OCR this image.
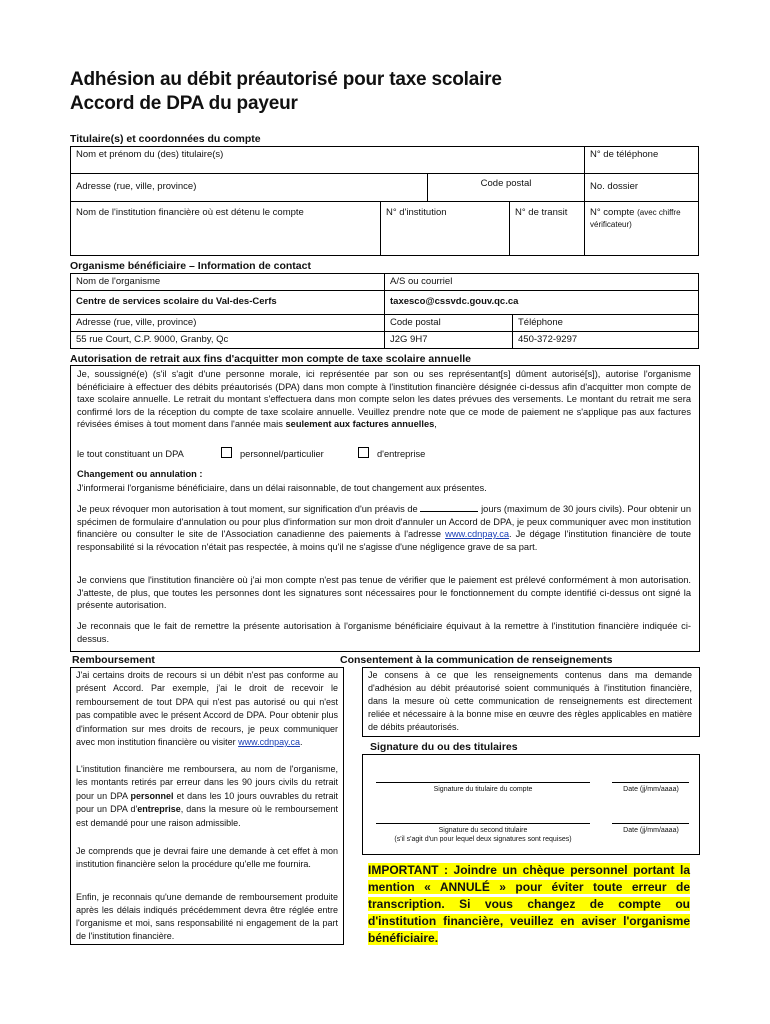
Adhésion au débit préautorisé pour taxe scolaire
Accord de DPA du payeur
Titulaire(s) et coordonnées du compte
Nom et prénom du (des) titulaire(s)				N° de téléphone
Adresse (rue, ville, province)		Code postal		No. dossier
Nom de l'institution financière où est détenu le compte	N° d'institution		N° de transit	N° compte (avec chiffre vérificateur)
Organisme bénéficiaire – Information de contact
Nom de l'organisme	A/S ou courriel	
Centre de services scolaire du Val-des-Cerfs	taxesco@cssvdc.gouv.qc.ca	
Adresse (rue, ville, province)	Code postal	Téléphone
55 rue Court, C.P. 9000, Granby, Qc	J2G 9H7	450-372-9297
Autorisation de retrait aux fins d'acquitter mon compte de taxe scolaire annuelle
Je, soussigné(e) (s'il s'agit d'une personne morale, ici représentée par son ou ses représentant[s] dûment autorisé[s]), autorise l'organisme bénéficiaire à effectuer des débits préautorisés (DPA) dans mon compte à l'institution financière désignée ci-dessus afin d'acquitter mon compte de taxe scolaire annuelle. Le retrait du montant s'effectuera dans mon compte selon les dates prévues des versements. Le montant du retrait me sera confirmé lors de la réception du compte de taxe scolaire annuelle. Veuillez prendre note que ce mode de paiement ne s'applique pas aux factures révisées émises à tout moment dans l'année mais seulement aux factures annuelles,
le tout constituant un DPA	personnel/particulier	d'entreprise
Changement ou annulation :
J'informerai l'organisme bénéficiaire, dans un délai raisonnable, de tout changement aux présentes.
Je peux révoquer mon autorisation à tout moment, sur signification d'un préavis de	jours (maximum de 30 jours civils). Pour obtenir un spécimen de formulaire d'annulation ou pour plus d'information sur mon droit d'annuler un Accord de DPA, je peux communiquer avec mon institution financière ou consulter le site de l'Association canadienne des paiements à l'adresse www.cdnpay.ca. Je dégage l'institution financière de toute responsabilité si la révocation n'était pas respectée, à moins qu'il ne s'agisse d'une négligence grave de sa part.
Je conviens que l'institution financière où j'ai mon compte n'est pas tenue de vérifier que le paiement est prélevé conformément à mon autorisation. J'atteste, de plus, que toutes les personnes dont les signatures sont nécessaires pour le fonctionnement du compte identifié ci-dessus ont signé la présente autorisation.
Je reconnais que le fait de remettre la présente autorisation à l'organisme bénéficiaire équivaut à la remettre à l'institution financière indiquée ci-dessus.
Remboursement
J'ai certains droits de recours si un débit n'est pas conforme au présent Accord. Par exemple, j'ai le droit de recevoir le remboursement de tout DPA qui n'est pas autorisé ou qui n'est pas compatible avec le présent Accord de DPA. Pour obtenir plus d'information sur mes droits de recours, je peux communiquer avec mon institution financière ou visiter www.cdnpay.ca.
L'institution financière me remboursera, au nom de l'organisme, les montants retirés par erreur dans les 90 jours civils du retrait pour un DPA personnel et dans les 10 jours ouvrables du retrait pour un DPA d'entreprise, dans la mesure où le remboursement est demandé pour une raison admissible.
Je comprends que je devrai faire une demande à cet effet à mon institution financière selon la procédure qu'elle me fournira.
Enfin, je reconnais qu'une demande de remboursement produite après les délais indiqués précédemment devra être réglée entre l'organisme et moi, sans responsabilité ni engagement de la part de l'institution financière.
Consentement à la communication de renseignements
Je consens à ce que les renseignements contenus dans ma demande d'adhésion au débit préautorisé soient communiqués à l'institution financière, dans la mesure où cette communication de renseignements est directement reliée et nécessaire à la bonne mise en œuvre des règles applicables en matière de débits préautorisés.
Signature du ou des titulaires
Signature du titulaire du compte	Date (jj/mm/aaaa)
Signature du second titulaire
(s'il s'agit d'un pour lequel deux signatures sont requises)
Date (jj/mm/aaaa)
IMPORTANT : Joindre un chèque personnel portant la mention « ANNULÉ » pour éviter toute erreur de transcription. Si vous changez de compte ou d'institution financière, veuillez en aviser l'organisme bénéficiaire.
